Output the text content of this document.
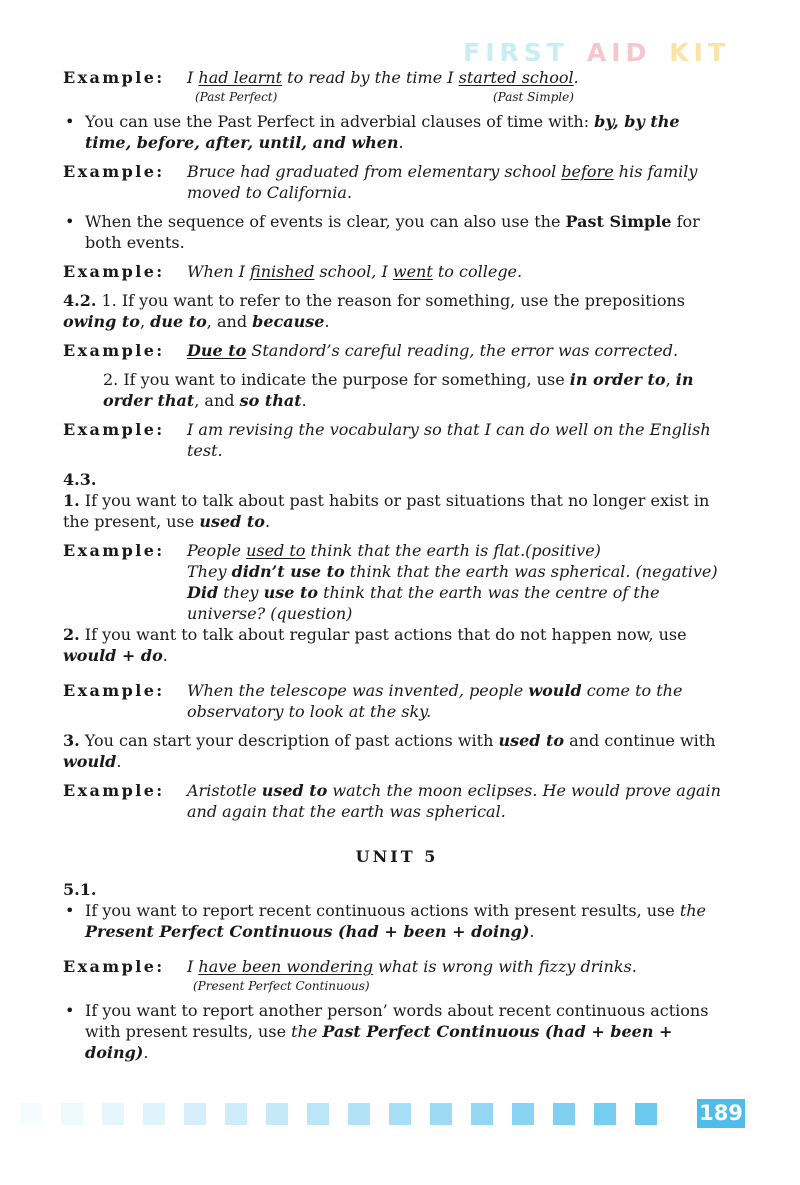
FIRST AID KIT
Example:	I had learnt to read by the time I started school.
(Past Perfect)	(Past Simple)
• You can use the Past Perfect in adverbial clauses of time with: by, by the time, before, after, until, and when.
Example:	Bruce had graduated from elementary school before his family moved to California.
• When the sequence of events is clear, you can also use the Past Simple for both events.
Example:	When I finished school, I went to college.
4.2. 1. If you want to refer to the reason for something, use the prepositions owing to, due to, and because.
Example:	Due to Standord’s careful reading, the error was corrected.
2. If you want to indicate the purpose for something, use in order to, in order that, and so that.
Example:	I am revising the vocabulary so that I can do well on the English test.
4.3.
1. If you want to talk about past habits or past situations that no longer exist in the present, use used to.
Example:	People used to think that the earth is flat.(positive)
They didn’t use to think that the earth was spherical. (negative)
Did they use to think that the earth was the centre of the universe? (question)
2. If you want to talk about regular past actions that do not happen now, use would + do.
Example:	When the telescope was invented, people would come to the observatory to look at the sky.
3. You can start your description of past actions with used to and continue with would.
Example:	Aristotle used to watch the moon eclipses. He would prove again and again that the earth was spherical.
UNIT 5
5.1.
• If you want to report recent continuous actions with present results, use the Present Perfect Continuous (had + been + doing).
Example:	I have been wondering what is wrong with fizzy drinks.
(Present Perfect Continuous)
• If you want to report another person’ words about recent continuous actions with present results, use the Past Perfect Continuous (had + been + doing).
189
